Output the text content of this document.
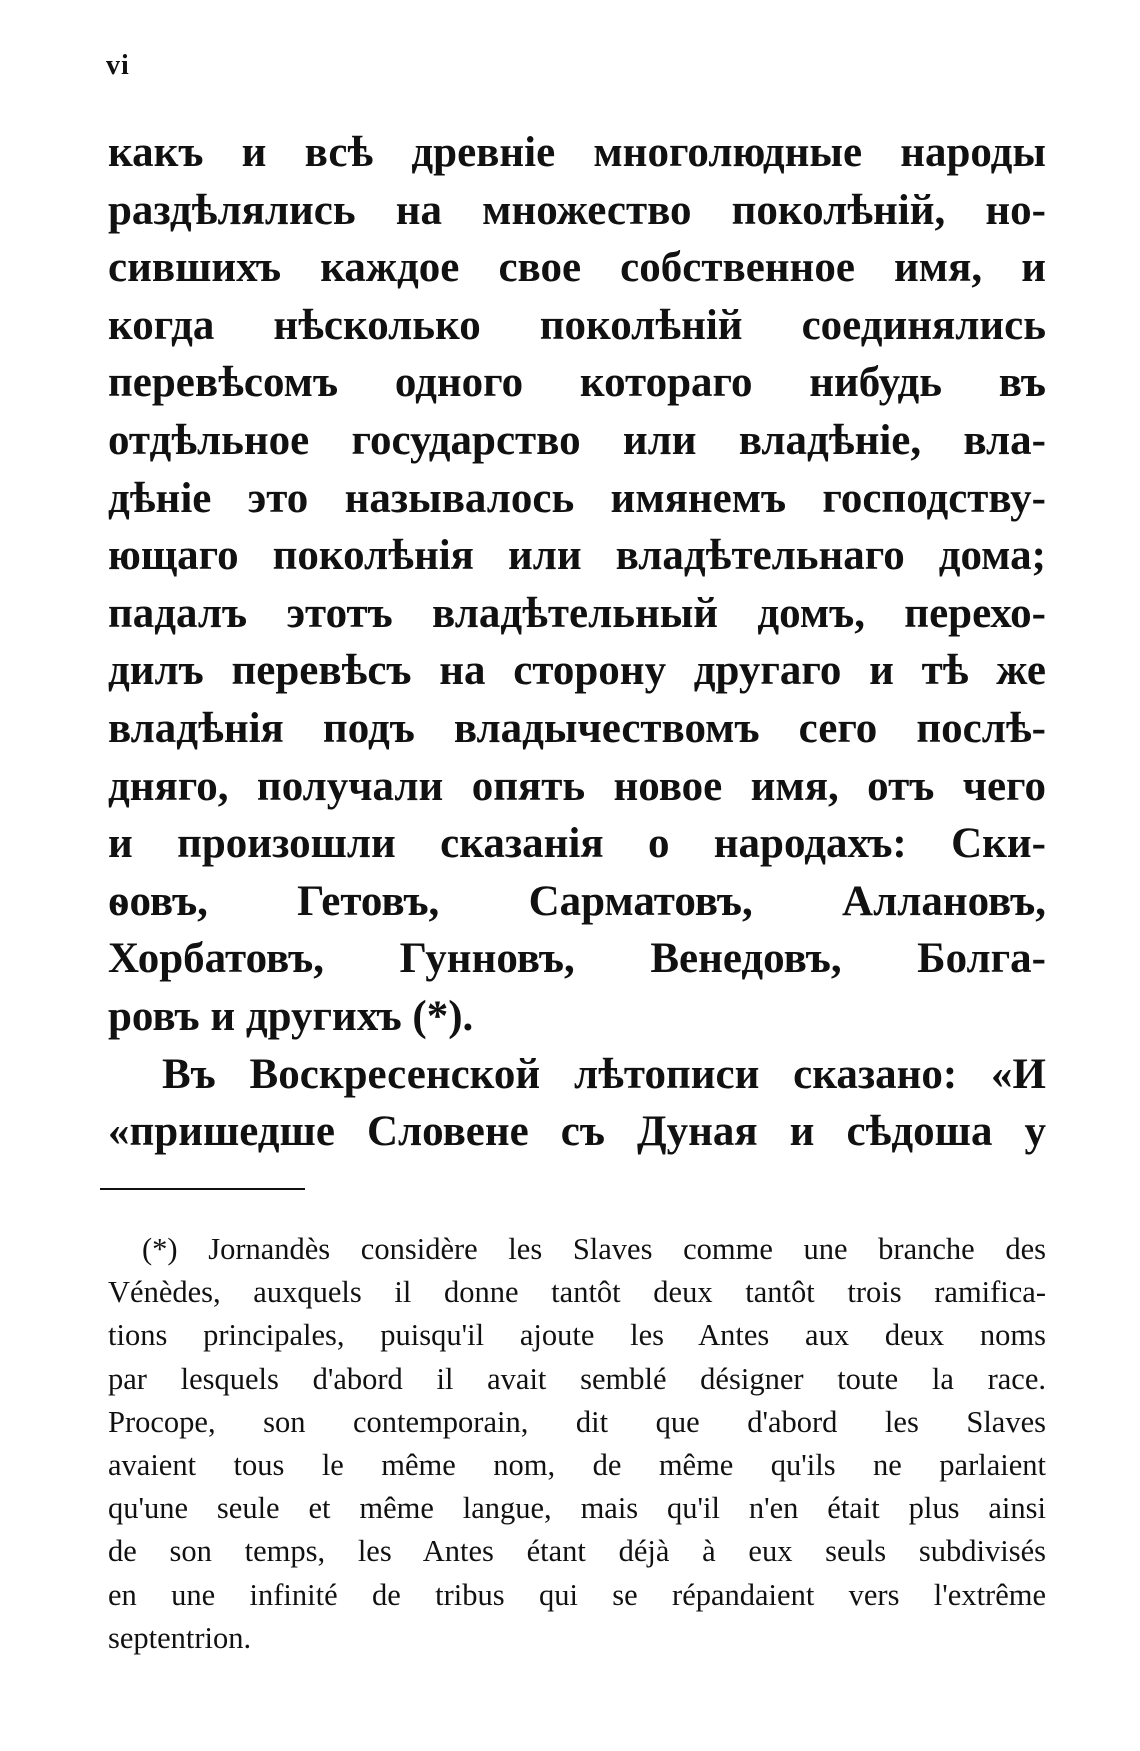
vi
какъ и всѣ древнiе многолюдные народы
раздѣлялись на множество поколѣнiй, но-
сившихъ каждое свое собственное имя, и
когда нѣсколько поколѣнiй соединялись
перевѣсомъ одного котораго нибудь въ
отдѣльное государство или владѣнiе, вла-
дѣнiе это называлось имянемъ господству-
ющаго поколѣнiя или владѣтельнаго дома;
падалъ этотъ владѣтельный домъ, перехо-
дилъ перевѣсъ на сторону другаго и тѣ же
владѣнiя подъ владычествомъ сего послѣ-
дняго, получали опять новое имя, отъ чего
и произошли сказанiя о народахъ: Ски-
ѳовъ, Гетовъ, Сарматовъ, Аллановъ,
Хорбатовъ, Гунновъ, Венедовъ, Болга-
ровъ и другихъ (*).
Въ Воскресенской лѣтописи сказано: «И
«пришедше Словене съ Дуная и сѣдоша у
(*) Jornandès considère les Slaves comme une branche des
Vénèdes, auxquels il donne tantôt deux tantôt trois ramifica-
tions principales, puisqu'il ajoute les Antes aux deux noms
par lesquels d'abord il avait semblé désigner toute la race.
Procope, son contemporain, dit que d'abord les Slaves
avaient tous le même nom, de même qu'ils ne parlaient
qu'une seule et même langue, mais qu'il n'en était plus ainsi
de son temps, les Antes étant déjà à eux seuls subdivisés
en une infinité de tribus qui se répandaient vers l'extrême
septentrion.
